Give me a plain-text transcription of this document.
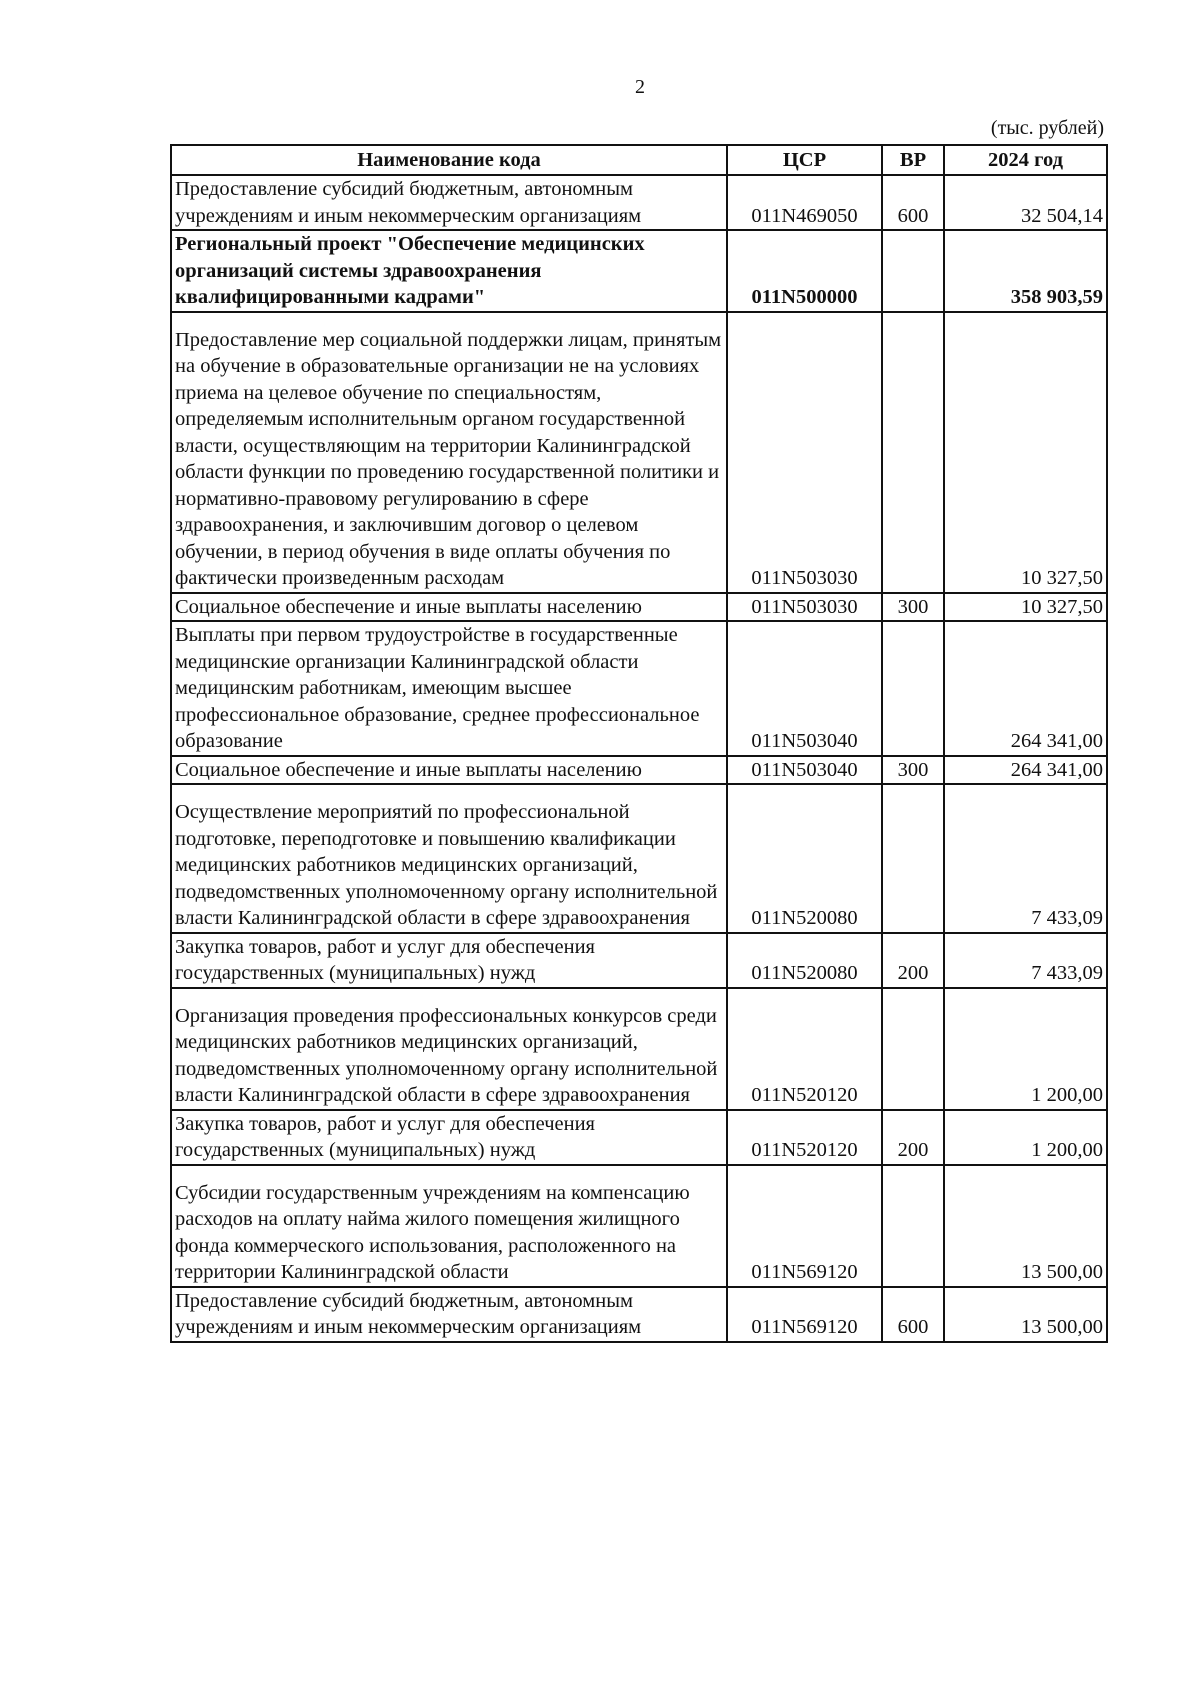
2
(тыс. рублей)
Наименование кода	ЦСР	ВР	2024 год
Предоставление субсидий бюджетным, автономным учреждениям и иным некоммерческим организациям	011N469050	600	32 504,14
Региональный проект "Обеспечение медицинских организаций системы здравоохранения квалифицированными кадрами"	011N500000		358 903,59
Предоставление мер социальной поддержки лицам, принятым на обучение в образовательные организации не на условиях приема на целевое обучение по специальностям, определяемым исполнительным органом государственной власти, осуществляющим на территории Калининградской области функции по проведению государственной политики и нормативно-правовому регулированию в сфере здравоохранения, и заключившим договор о целевом обучении, в период обучения в виде оплаты обучения по фактически произведенным расходам	011N503030		10 327,50
Социальное обеспечение и иные выплаты населению	011N503030	300	10 327,50
Выплаты при первом трудоустройстве в государственные медицинские организации Калининградской области медицинским работникам, имеющим высшее профессиональное образование, среднее профессиональное образование	011N503040		264 341,00
Социальное обеспечение и иные выплаты населению	011N503040	300	264 341,00
Осуществление мероприятий по профессиональной подготовке, переподготовке и повышению квалификации медицинских работников медицинских организаций, подведомственных уполномоченному органу исполнительной власти Калининградской области в сфере здравоохранения	011N520080		7 433,09
Закупка товаров, работ и услуг для обеспечения государственных (муниципальных) нужд	011N520080	200	7 433,09
Организация проведения профессиональных конкурсов среди медицинских работников медицинских организаций, подведомственных уполномоченному органу исполнительной власти Калининградской области в сфере здравоохранения	011N520120		1 200,00
Закупка товаров, работ и услуг для обеспечения государственных (муниципальных) нужд	011N520120	200	1 200,00
Субсидии государственным учреждениям на компенсацию расходов на оплату найма жилого помещения жилищного фонда коммерческого использования, расположенного на территории Калининградской области	011N569120		13 500,00
Предоставление субсидий бюджетным, автономным учреждениям и иным некоммерческим организациям	011N569120	600	13 500,00
